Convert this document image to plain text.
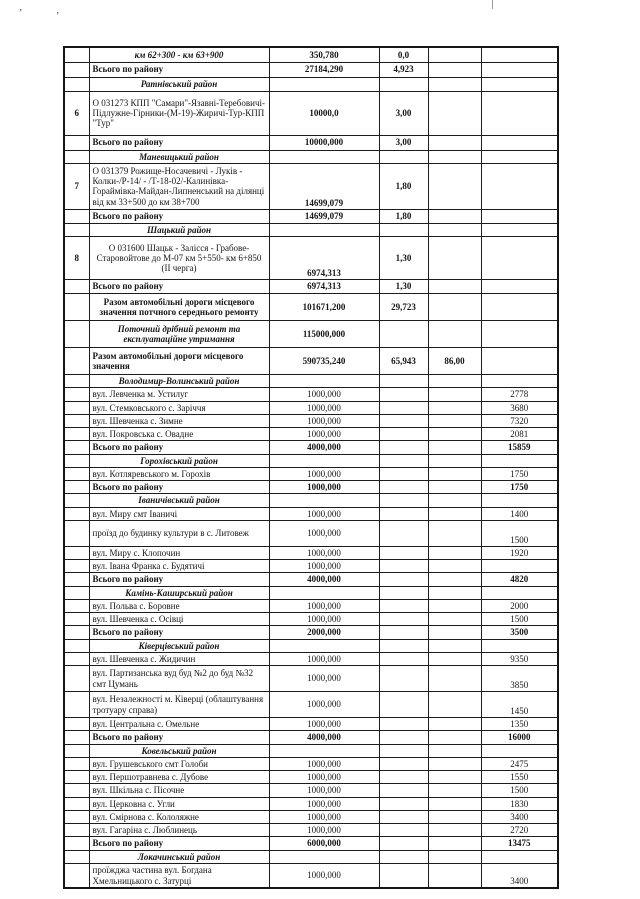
ʼ	ʼ
	км 62+300 - км 63+900	350,780	0,0		
	Всього по району	27184,290	4,923		
	Ратнівський район				
6	О 031273 КПП "Самари"-Язавні-Теребовичі-Підлужне-Гірники-(М-19)-Жиричі-Тур-КПП "Тур"	10000,0	3,00		
	Всього по району	10000,000	3,00		
	Маневицький район				
7	О 031379 Рожище-Носачевичі - Луків - Колки-/Р-14/ - /Т-18-02/-Калинівка-Гораймівка-Майдан-Липненський на ділянці від км 33+500 до км 38+700	14699,079	1,80		
	Всього по району	14699,079	1,80		
	Шацький район				
8	О 031600 Шацьк - Залісся - Грабове-Старовойтове до М-07 км 5+550- км 6+850 (ІІ черга)	6974,313	1,30		
	Всього по району	6974,313	1,30		
	Разом автомобільні дороги місцевого значення потчного середнього ремонту	101671,200	29,723		
	Поточний дрібний ремонт та експлуатаційне утримання	115000,000			
	Разом автомобільні дороги місцевого значення	590735,240	65,943	86,00	
	Володимир-Волинський район				
	вул. Левченка м. Устилуг	1000,000			2778
	вул. Стемковського с. Заріччя	1000,000			3680
	вул. Шевченка с. Зимне	1000,000			7320
	вул. Покровська с. Овадне	1000,000			2081
	Всього по району	4000,000			15859
	Горохівський район				
	вул. Котляревського м. Горохів	1000,000			1750
	Всього по району	1000,000			1750
	Іваничівський район				
	вул. Миру смт Іваничі	1000,000			1400
	проїзд до будинку культури в с. Литовеж	1000,000			1500
	вул. Миру с. Клопочин	1000,000			1920
	вул. Івана Франка с. Будятичі	1000,000			
	Всього по району	4000,000			4820
	Камінь-Каширський район				
	вул. Польва с. Боровне	1000,000			2000
	вул. Шевченка с. Осівці	1000,000			1500
	Всього по району	2000,000			3500
	Ківерцівський район				
	вул. Шевченка с. Жидичин	1000,000			9350
	вул. Партизанська вуд буд №2 до буд №32 смт Цумань	1000,000			3850
	вул. Незалежності м. Ківерці (облаштування тротуару справа)	1000,000			1450
	вул. Центральна с. Омельне	1000,000			1350
	Всього по району	4000,000			16000
	Ковельський район				
	вул. Грушевського смт Голоби	1000,000			2475
	вул. Першотравнева с. Дубове	1000,000			1550
	вул. Шкільна с. Пісочне	1000,000			1500
	вул. Церковна с. Угли	1000,000			1830
	вул. Смірнова с. Кололяжне	1000,000			3400
	вул. Гагаріна с. Люблинець	1000,000			2720
	Всього по району	6000,000			13475
	Локачинський район				
	проїжджа частина вул. Богдана Хмельницького с. Затурці	1000,000			3400
